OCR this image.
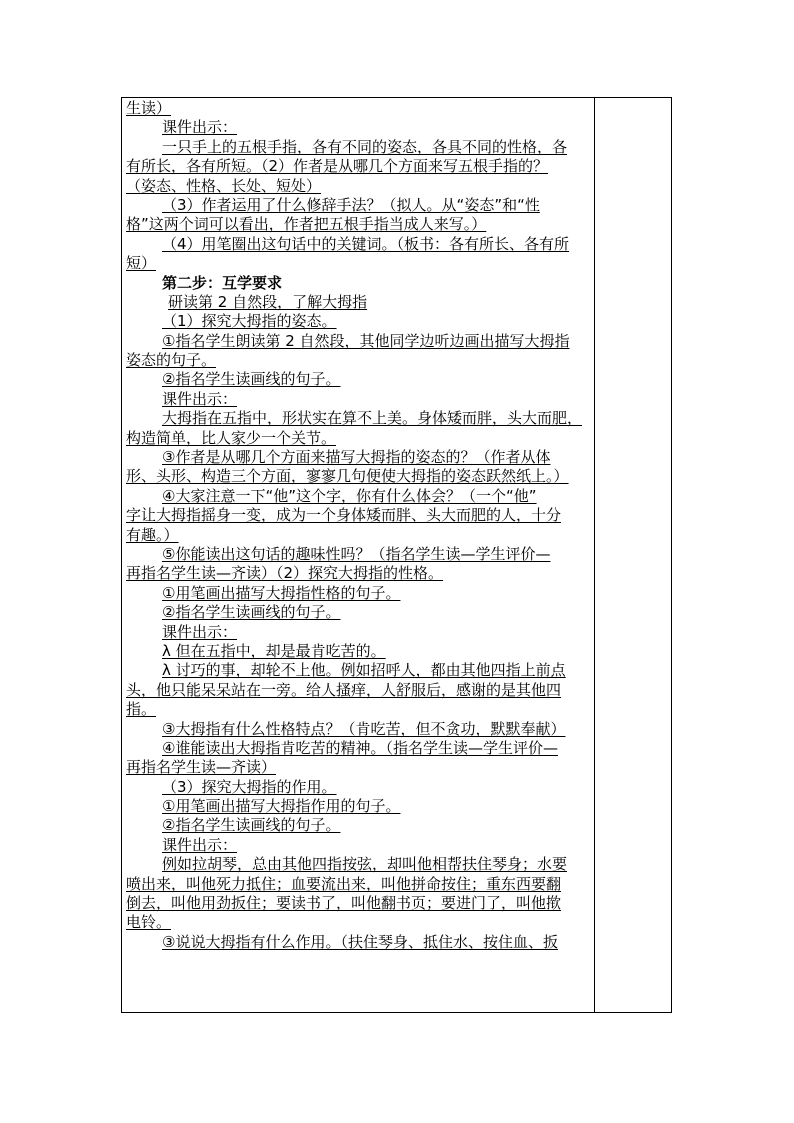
生读）
课件出示：
一只手上的五根手指，各有不同的姿态，各具不同的性格，各
有所长，各有所短。（2）作者是从哪几个方面来写五根手指的？
（姿态、性格、长处、短处）
（3）作者运用了什么修辞手法？（拟人。从“姿态”和“性
格”这两个词可以看出，作者把五根手指当成人来写。）
（4）用笔圈出这句话中的关键词。（板书：各有所长、各有所
短）
第二步：互学要求
研读第 2 自然段，了解大拇指
（1）探究大拇指的姿态。
①指名学生朗读第 2 自然段，其他同学边听边画出描写大拇指
姿态的句子。
②指名学生读画线的句子。
课件出示：
大拇指在五指中，形状实在算不上美。身体矮而胖，头大而肥，
构造简单，比人家少一个关节。
③作者是从哪几个方面来描写大拇指的姿态的？（作者从体
形、头形、构造三个方面，寥寥几句便使大拇指的姿态跃然纸上。）
④大家注意一下“他”这个字，你有什么体会？（一个“他”
字让大拇指摇身一变，成为一个身体矮而胖、头大而肥的人，十分
有趣。）
⑤你能读出这句话的趣味性吗？（指名学生读—学生评价—
再指名学生读—齐读）（2）探究大拇指的性格。
①用笔画出描写大拇指性格的句子。
②指名学生读画线的句子。
课件出示：
λ 但在五指中，却是最肯吃苦的。
λ 讨巧的事，却轮不上他。例如招呼人，都由其他四指上前点
头，他只能呆呆站在一旁。给人搔痒，人舒服后，感谢的是其他四
指。
③大拇指有什么性格特点？（肯吃苦，但不贪功，默默奉献）
④谁能读出大拇指肯吃苦的精神。（指名学生读—学生评价—
再指名学生读—齐读）
（3）探究大拇指的作用。
①用笔画出描写大拇指作用的句子。
②指名学生读画线的句子。
课件出示：
例如拉胡琴，总由其他四指按弦，却叫他相帮扶住琴身；水要
喷出来，叫他死力抵住；血要流出来，叫他拼命按住；重东西要翻
倒去，叫他用劲扳住；要读书了，叫他翻书页；要进门了，叫他揿
电铃。
③说说大拇指有什么作用。（扶住琴身、抵住水、按住血、扳
